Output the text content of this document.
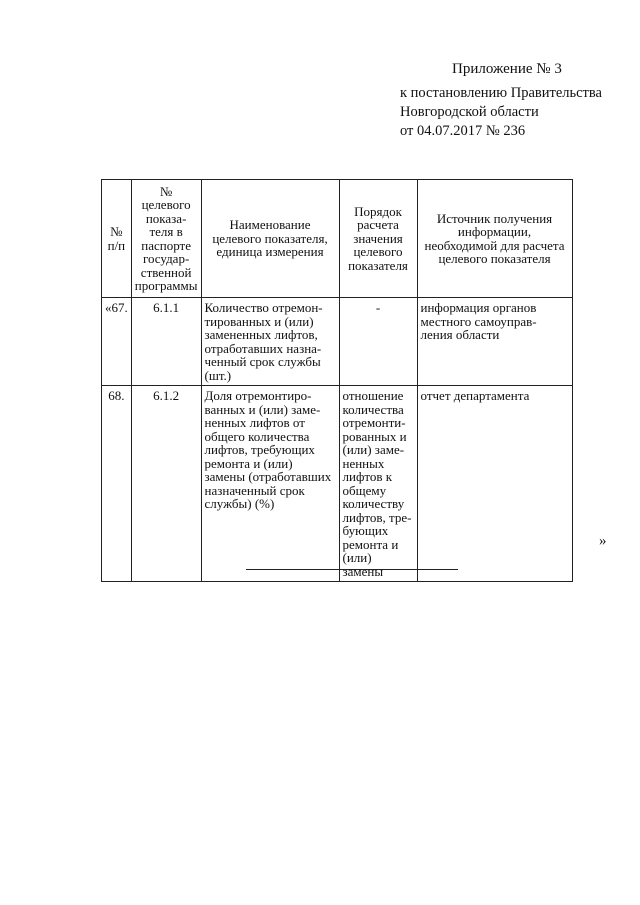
Приложение № 3
к постановлению Правительства
Новгородской области
от 04.07.2017 № 236
№ п/п	№ целевого показа-теля в паспорте государ-ственной программы	Наименование целевого показателя, единица измерения	Порядок расчета значения целевого показателя	Источник получения информации, необходимой для расчета целевого показателя
«67.	6.1.1	Количество отремон-тированных и (или) замененных лифтов, отработавших назна-ченный срок службы (шт.)	-	информация органов местного самоуправ-ления области
68.	6.1.2	Доля отремонтиро-ванных и (или) заме-ненных лифтов от общего количества лифтов, требующих ремонта и (или) замены (отработавших назначенный срок службы) (%)	отношение количества отремонти-рованных и (или) заме-ненных лифтов к общему количеству лифтов, тре-бующих ремонта и (или) замены	отчет департамента
»
